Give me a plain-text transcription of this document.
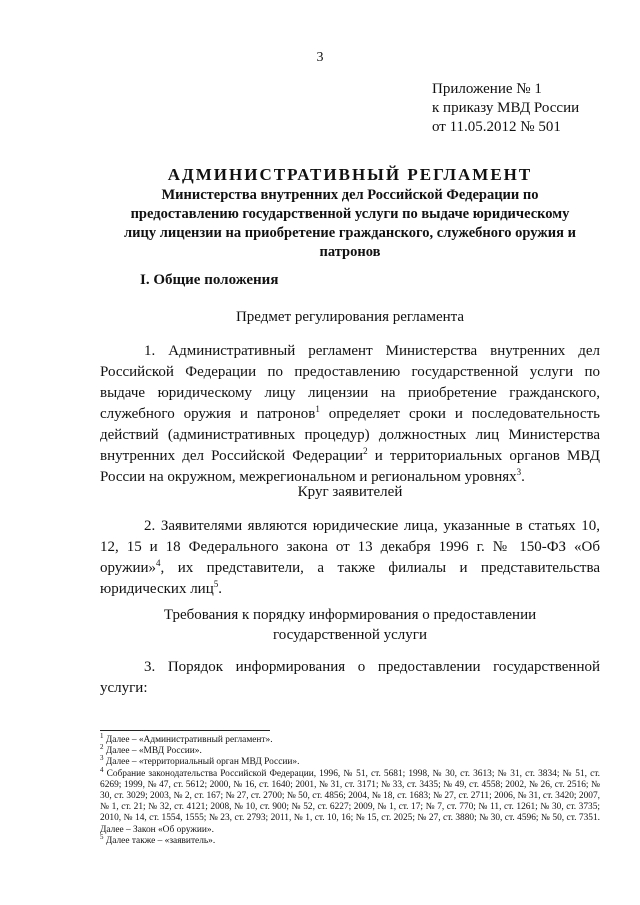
3
Приложение № 1
к приказу МВД России
от 11.05.2012 № 501
АДМИНИСТРАТИВНЫЙ РЕГЛАМЕНТ
Министерства внутренних дел Российской Федерации по
предоставлению государственной услуги по выдаче юридическому
лицу лицензии на приобретение гражданского, служебного оружия и
патронов
I. Общие положения
Предмет регулирования регламента

1. Административный регламент Министерства внутренних дел Российской Федерации по предоставлению государственной услуги по выдаче юридическому лицу лицензии на приобретение гражданского, служебного оружия и патронов$^1$ определяет сроки и последовательность действий (административных процедур) должностных лиц Министерства внутренних дел Российской Федерации$^2$ и территориальных органов МВД России на окружном, межрегиональном и региональном уровнях$^3$.

Круг заявителей

2. Заявителями являются юридические лица, указанные в статьях 10, 12, 15 и 18 Федерального закона от 13 декабря 1996 г. № 150-ФЗ «Об оружии»$^4$, их представители, а также филиалы и представительства юридических лиц$^5$.

Требования к порядку информирования о предоставлении
государственной услуги

3. Порядок информирования о предоставлении государственной услуги:

$^1$ Далее – «Административный регламент».

$^2$ Далее – «МВД России».

$^3$ Далее – «территориальный орган МВД России».

$^4$ Собрание законодательства Российской Федерации, 1996, № 51, ст. 5681; 1998, № 30, ст. 3613; № 31, ст. 3834; № 51, ст. 6269; 1999, № 47, ст. 5612; 2000, № 16, ст. 1640; 2001, № 31, ст. 3171; № 33, ст. 3435; № 49, ст. 4558; 2002, № 26, ст. 2516; № 30, ст. 3029; 2003, № 2, ст. 167; № 27, ст. 2700; № 50, ст. 4856; 2004, № 18, ст. 1683; № 27, ст. 2711; 2006, № 31, ст. 3420; 2007, № 1, ст. 21; № 32, ст. 4121; 2008, № 10, ст. 900; № 52, ст. 6227; 2009, № 1, ст. 17; № 7, ст. 770; № 11, ст. 1261; № 30, ст. 3735; 2010, № 14, ст. 1554, 1555; № 23, ст. 2793; 2011, № 1, ст. 10, 16; № 15, ст. 2025; № 27, ст. 3880; № 30, ст. 4596; № 50, ст. 7351. Далее – Закон «Об оружии».

$^5$ Далее также – «заявитель».
